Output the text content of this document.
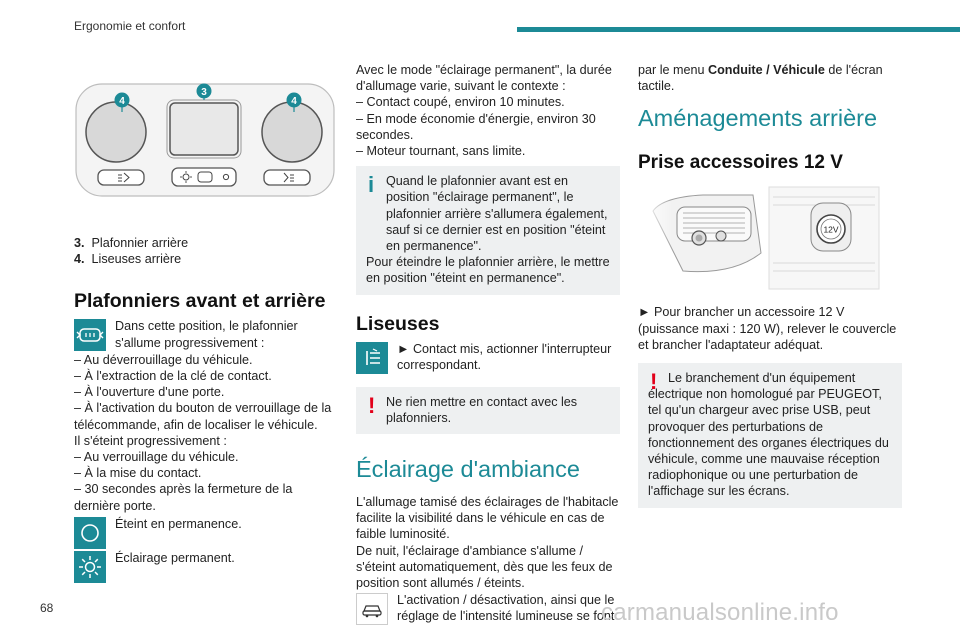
Ergonomie et confort
4
3
4

3. Plafonnier arrière

4. Liseuses arrière

Plafonniers avant et arrière

Dans cette position, le plafonnier s'allume progressivement :

– Au déverrouillage du véhicule.

– À l'extraction de la clé de contact.

– À l'ouverture d'une porte.

– À l'activation du bouton de verrouillage de la télécommande, afin de localiser le véhicule.

Il s'éteint progressivement :

– Au verrouillage du véhicule.

– À la mise du contact.

– 30 secondes après la fermeture de la dernière porte.

Éteint en permanence.

Éclairage permanent.

Avec le mode "éclairage permanent", la durée d'allumage varie, suivant le contexte :

– Contact coupé, environ 10 minutes.

– En mode économie d'énergie, environ 30 secondes.

– Moteur tournant, sans limite.

i Quand le plafonnier avant est en position "éclairage permanent", le plafonnier arrière s'allumera également, sauf si ce dernier est en position "éteint en permanence".

Pour éteindre le plafonnier arrière, le mettre en position "éteint en permanence".

Liseuses

► Contact mis, actionner l'interrupteur correspondant.

! Ne rien mettre en contact avec les plafonniers.

Éclairage d'ambiance

L'allumage tamisé des éclairages de l'habitacle facilite la visibilité dans le véhicule en cas de faible luminosité.

De nuit, l'éclairage d'ambiance s'allume / s'éteint automatiquement, dès que les feux de position sont allumés / éteints.

L'activation / désactivation, ainsi que le réglage de l'intensité lumineuse se font

par le menu Conduite / Véhicule de l'écran tactile.

Aménagements arrière
Prise accessoires 12 V
12V

► Pour brancher un accessoire 12 V (puissance maxi : 120 W), relever le couvercle et brancher l'adaptateur adéquat.

! Le branchement d'un équipement électrique non homologué par PEUGEOT, tel qu'un chargeur avec prise USB, peut provoquer des perturbations de fonctionnement des organes électriques du véhicule, comme une mauvaise réception radiophonique ou une perturbation de l'affichage sur les écrans.

68	carmanualsonline.info
